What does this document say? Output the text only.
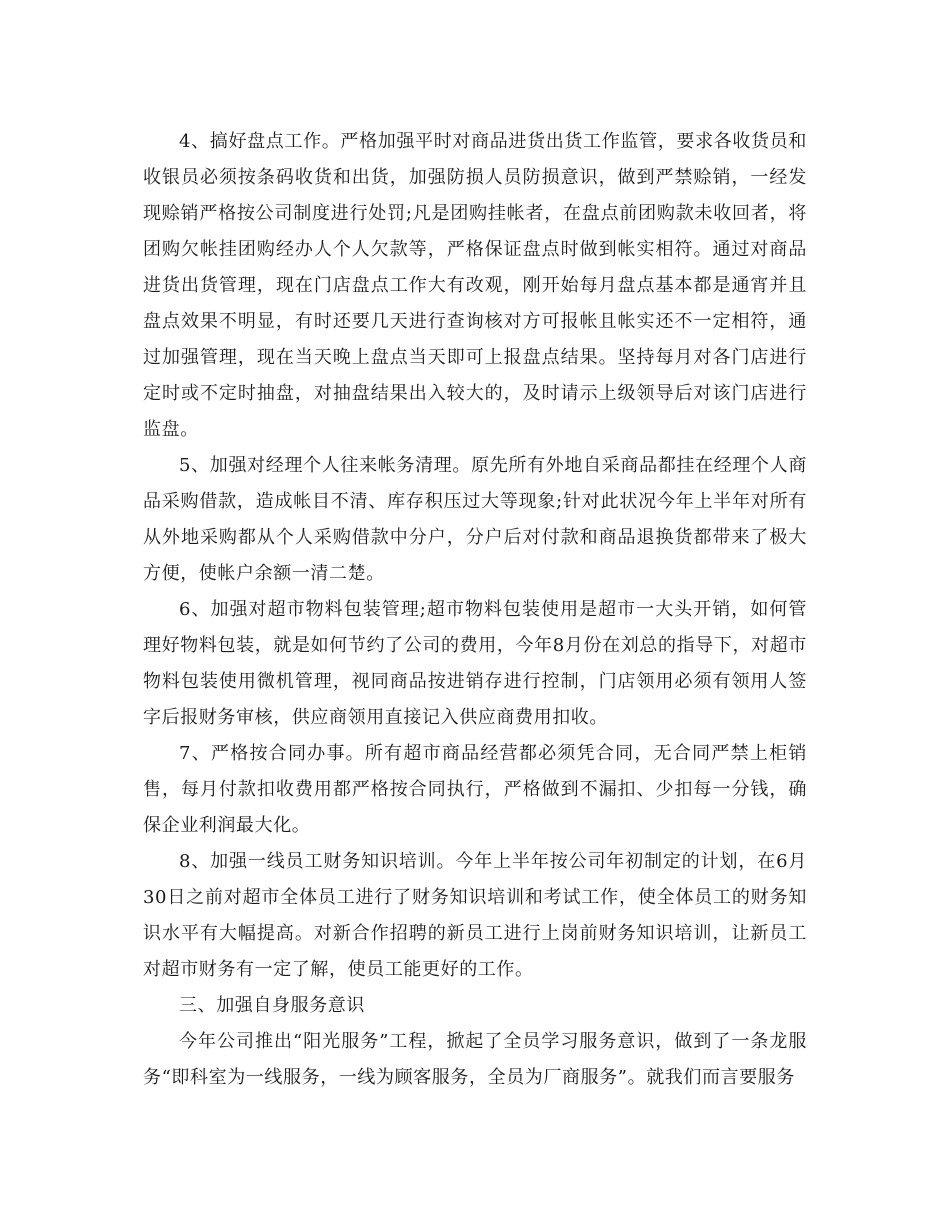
4、搞好盘点工作。严格加强平时对商品进货出货工作监管，要求各收货员和收银员必须按条码收货和出货，加强防损人员防损意识，做到严禁赊销，一经发现赊销严格按公司制度进行处罚;凡是团购挂帐者，在盘点前团购款未收回者，将团购欠帐挂团购经办人个人欠款等，严格保证盘点时做到帐实相符。通过对商品进货出货管理，现在门店盘点工作大有改观，刚开始每月盘点基本都是通宵并且盘点效果不明显，有时还要几天进行查询核对方可报帐且帐实还不一定相符，通过加强管理，现在当天晚上盘点当天即可上报盘点结果。坚持每月对各门店进行定时或不定时抽盘，对抽盘结果出入较大的，及时请示上级领导后对该门店进行监盘。

5、加强对经理个人往来帐务清理。原先所有外地自采商品都挂在经理个人商品采购借款，造成帐目不清、库存积压过大等现象;针对此状况今年上半年对所有从外地采购都从个人采购借款中分户，分户后对付款和商品退换货都带来了极大方便，使帐户余额一清二楚。

6、加强对超市物料包装管理;超市物料包装使用是超市一大头开销，如何管理好物料包装，就是如何节约了公司的费用，今年8月份在刘总的指导下，对超市物料包装使用微机管理，视同商品按进销存进行控制，门店领用必须有领用人签字后报财务审核，供应商领用直接记入供应商费用扣收。

7、严格按合同办事。所有超市商品经营都必须凭合同，无合同严禁上柜销售，每月付款扣收费用都严格按合同执行，严格做到不漏扣、少扣每一分钱，确保企业利润最大化。

8、加强一线员工财务知识培训。今年上半年按公司年初制定的计划，在6月30日之前对超市全体员工进行了财务知识培训和考试工作，使全体员工的财务知识水平有大幅提高。对新合作招聘的新员工进行上岗前财务知识培训，让新员工对超市财务有一定了解，使员工能更好的工作。

三、加强自身服务意识

今年公司推出“阳光服务”工程，掀起了全员学习服务意识，做到了一条龙服务“即科室为一线服务，一线为顾客服务，全员为厂商服务”。就我们而言要服务
